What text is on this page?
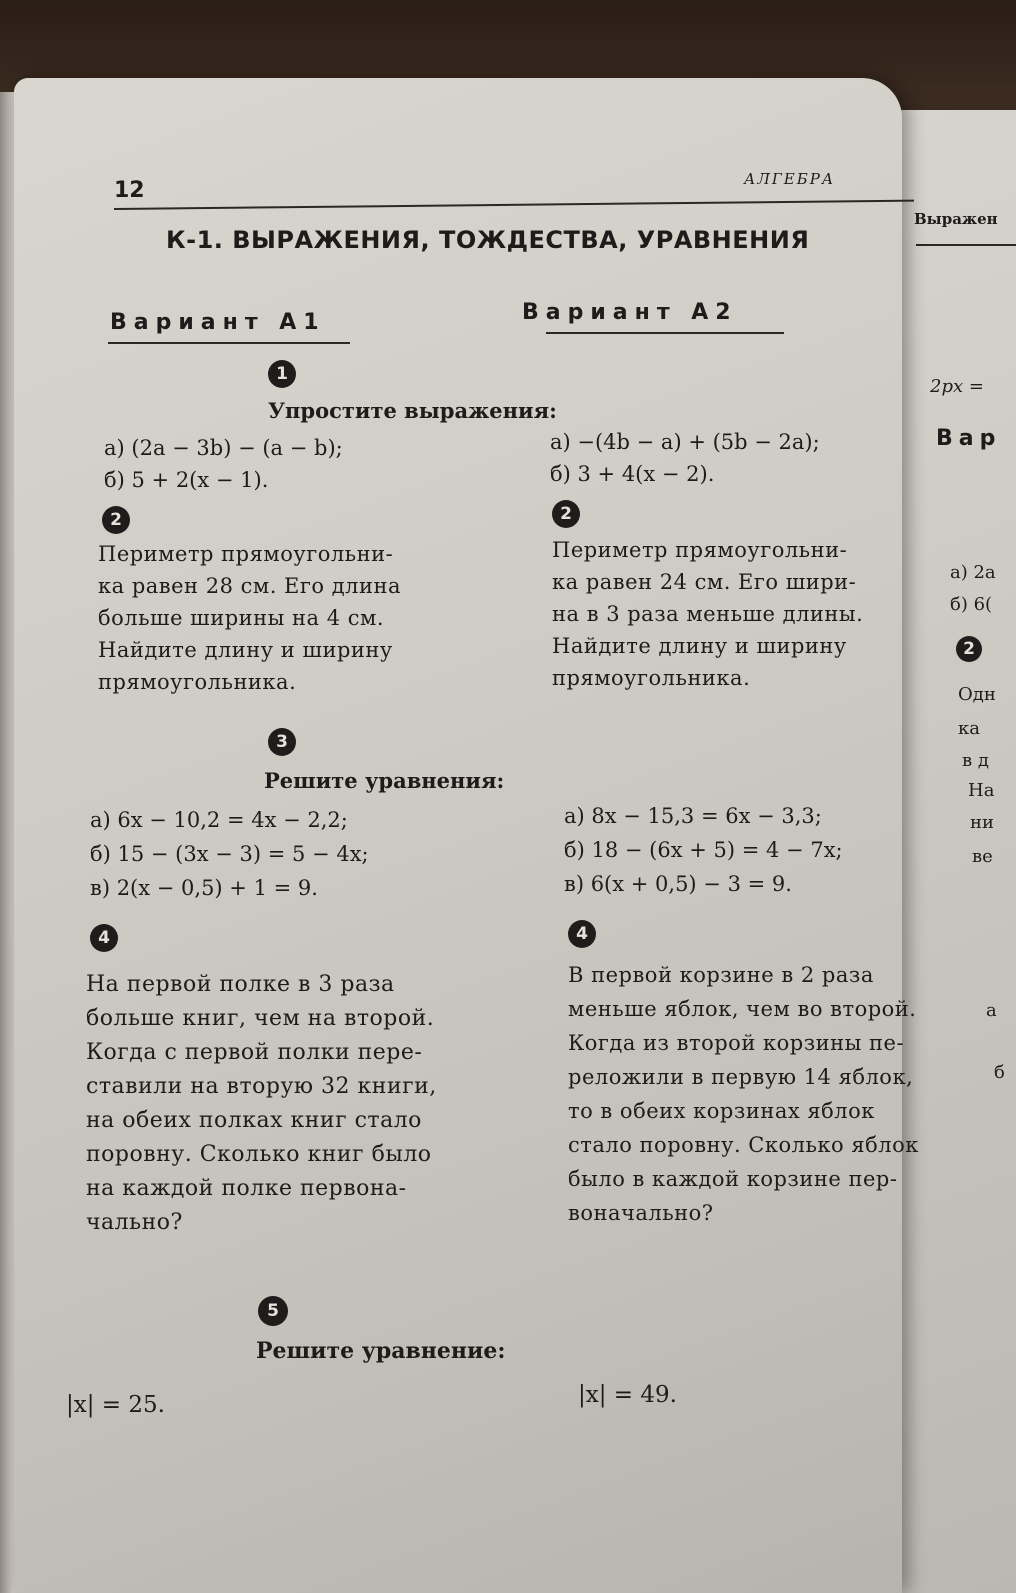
Выражен
2px =
Вар
а) 2a
б) 6(
2
Одн
ка
в д
На
ни
ве
а
б
12	АЛГЕБРА
К-1. ВЫРАЖЕНИЯ, ТОЖДЕСТВА, УРАВНЕНИЯ
Вариант А1	Вариант А2
1
Упростите выражения:
а) (2a − 3b) − (a − b);
б) 5 + 2(x − 1).
а) −(4b − a) + (5b − 2a);
б) 3 + 4(x − 2).
2	2
Периметр прямоугольни-
ка равен 28 см. Его длина
больше ширины на 4 см.
Найдите длину и ширину
прямоугольника.
Периметр прямоугольни-
ка равен 24 см. Его шири-
на в 3 раза меньше длины.
Найдите длину и ширину
прямоугольника.
3
Решите уравнения:
а) 6x − 10,2 = 4x − 2,2;
б) 15 − (3x − 3) = 5 − 4x;
в) 2(x − 0,5) + 1 = 9.
а) 8x − 15,3 = 6x − 3,3;
б) 18 − (6x + 5) = 4 − 7x;
в) 6(x + 0,5) − 3 = 9.
4	4
На первой полке в 3 раза
больше книг, чем на второй.
Когда с первой полки пере-
ставили на вторую 32 книги,
на обеих полках книг стало
поровну. Сколько книг было
на каждой полке первона-
чально?
В первой корзине в 2 раза
меньше яблок, чем во второй.
Когда из второй корзины пе-
реложили в первую 14 яблок,
то в обеих корзинах яблок
стало поровну. Сколько яблок
было в каждой корзине пер-
воначально?
5
Решите уравнение:
|x| = 25.	|x| = 49.
